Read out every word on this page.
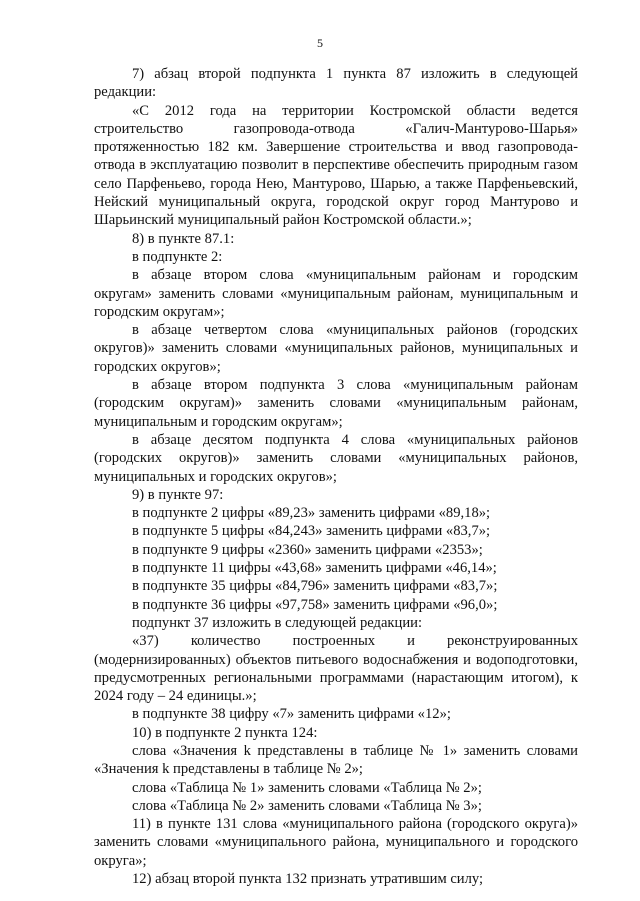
5

7) абзац второй подпункта 1 пункта 87 изложить в следующей редакции:

«С 2012 года на территории Костромской области ведется строительство газопровода-отвода «Галич-Мантурово-Шарья» протяженностью 182 км. Завершение строительства и ввод газопровода-отвода в эксплуатацию позволит в перспективе обеспечить природным газом село Парфеньево, города Нею, Мантурово, Шарью, а также Парфеньевский, Нейский муниципальный округа, городской округ город Мантурово и Шарьинский муниципальный район Костромской области.»;

8) в пункте 87.1:

в подпункте 2:

в абзаце втором слова «муниципальным районам и городским округам» заменить словами «муниципальным районам, муниципальным и городским округам»;

в абзаце четвертом слова «муниципальных районов (городских округов)» заменить словами «муниципальных районов, муниципальных и городских округов»;

в абзаце втором подпункта 3 слова «муниципальным районам (городским округам)» заменить словами «муниципальным районам, муниципальным и городским округам»;

в абзаце десятом подпункта 4 слова «муниципальных районов (городских округов)» заменить словами «муниципальных районов, муниципальных и городских округов»;

9) в пункте 97:

в подпункте 2 цифры «89,23» заменить цифрами «89,18»;

в подпункте 5 цифры «84,243» заменить цифрами «83,7»;

в подпункте 9 цифры «2360» заменить цифрами «2353»;

в подпункте 11 цифры «43,68» заменить цифрами «46,14»;

в подпункте 35 цифры «84,796» заменить цифрами «83,7»;

в подпункте 36 цифры «97,758» заменить цифрами «96,0»;

подпункт 37 изложить в следующей редакции:

«37) количество построенных и реконструированных (модернизированных) объектов питьевого водоснабжения и водоподготовки, предусмотренных региональными программами (нарастающим итогом), к 2024 году – 24 единицы.»;

в подпункте 38 цифру «7» заменить цифрами «12»;

10) в подпункте 2 пункта 124:

слова «Значения k представлены в таблице № 1» заменить словами «Значения k представлены в таблице № 2»;

слова «Таблица № 1» заменить словами «Таблица № 2»;

слова «Таблица № 2» заменить словами «Таблица № 3»;

11) в пункте 131 слова «муниципального района (городского округа)» заменить словами «муниципального района, муниципального и городского округа»;

12) абзац второй пункта 132 признать утратившим силу;
